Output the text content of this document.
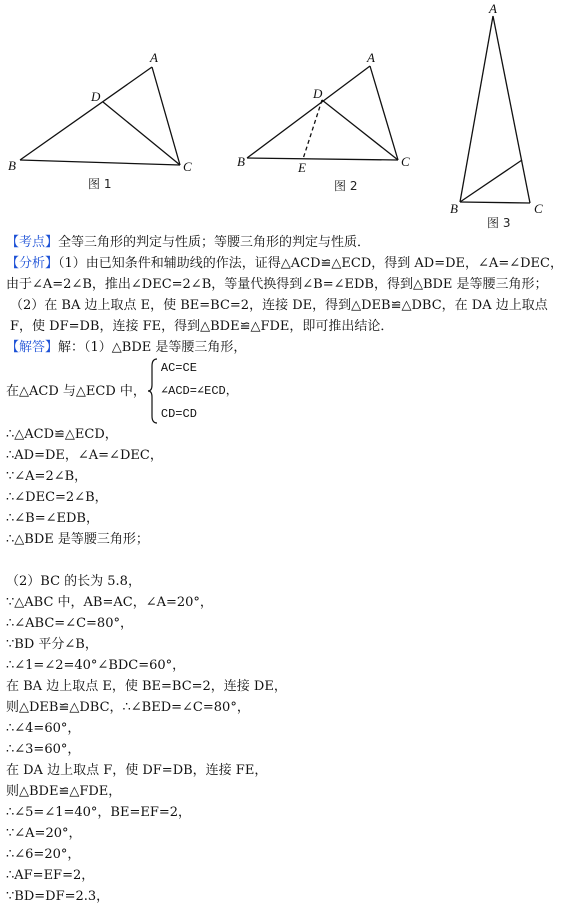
B	C
A
D
图 1
B	C
A
D
E
图 2
A
B	C
图 3
【考点】全等三角形的判定与性质；等腰三角形的判定与性质．
【分析】（1）由已知条件和辅助线的作法，证得△ACD≌△ECD，得到 AD=DE，∠A=∠DEC，由于∠A=2∠B，推出∠DEC=2∠B，等量代换得到∠B=∠EDB，得到△BDE 是等腰三角形；
（2）在 BA 边上取点 E，使 BE=BC=2，连接 DE，得到△DEB≌△DBC，在 DA 边上取点 F，使 DF=DB，连接 FE，得到△BDE≌△FDE，即可推出结论．
【解答】解：（1）△BDE 是等腰三角形，
在△ACD 与△ECD 中，
AC=CE
∠ACD=∠ECD，
CD=CD
∴△ACD≌△ECD，
∴AD=DE，∠A=∠DEC，
∵∠A=2∠B，
∴∠DEC=2∠B，
∴∠B=∠EDB，
∴△BDE 是等腰三角形；
（2）BC 的长为 5.8，
∵△ABC 中，AB=AC，∠A=20°，
∴∠ABC=∠C=80°，
∵BD 平分∠B，
∴∠1=∠2=40°∠BDC=60°，
在 BA 边上取点 E，使 BE=BC=2，连接 DE，
则△DEB≌△DBC，∴∠BED=∠C=80°，
∴∠4=60°，
∴∠3=60°，
在 DA 边上取点 F，使 DF=DB，连接 FE，
则△BDE≌△FDE，
∴∠5=∠1=40°，BE=EF=2，
∵∠A=20°，
∴∠6=20°，
∴AF=EF=2，
∵BD=DF=2.3，
